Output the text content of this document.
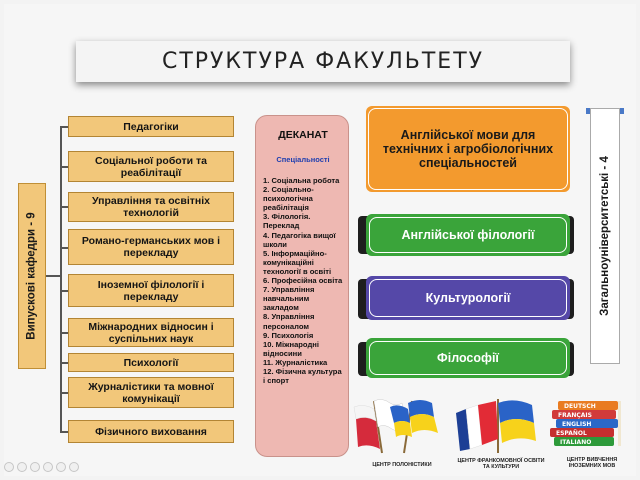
СТРУКТУРА ФАКУЛЬТЕТУ
Випускові кафедри - 9
Педагогіки
Соціальної роботи та реабілітації
Управління та освітніх технологій
Романо-германських мов і перекладу
Іноземної філології і перекладу
Міжнародних відносин і суспільних наук
Психології
Журналістики та мовної комунікації
Фізичного виховання
ДЕКАНАТ
Спеціальності
1. Соціальна робота
2. Соціально-психологічна реабілітація
3. Філологія. Переклад
4. Педагогіка вищої школи
5. Інформаційно-комунікаційні технології в освіті
6. Професійна освіта
7. Управління навчальним закладом
8. Управління персоналом
9. Психологія
10. Міжнародні відносини
11. Журналістика
12. Фізична культура і спорт
Англійської мови для технічних і агробіологічних спеціальностей
Англійської філології
Культурології
Філософії
Загальноуніверситетські - 4
ЦЕНТР ПОЛОНІСТИКИ
ЦЕНТР ФРАНКОМОВНОЇ ОСВІТИ ТА КУЛЬТУРИ
DEUTSCH
FRANÇAIS
ENGLISH
ESPAÑOL
ITALIANO
ЦЕНТР ВИВЧЕННЯ ІНОЗЕМНИХ МОВ
